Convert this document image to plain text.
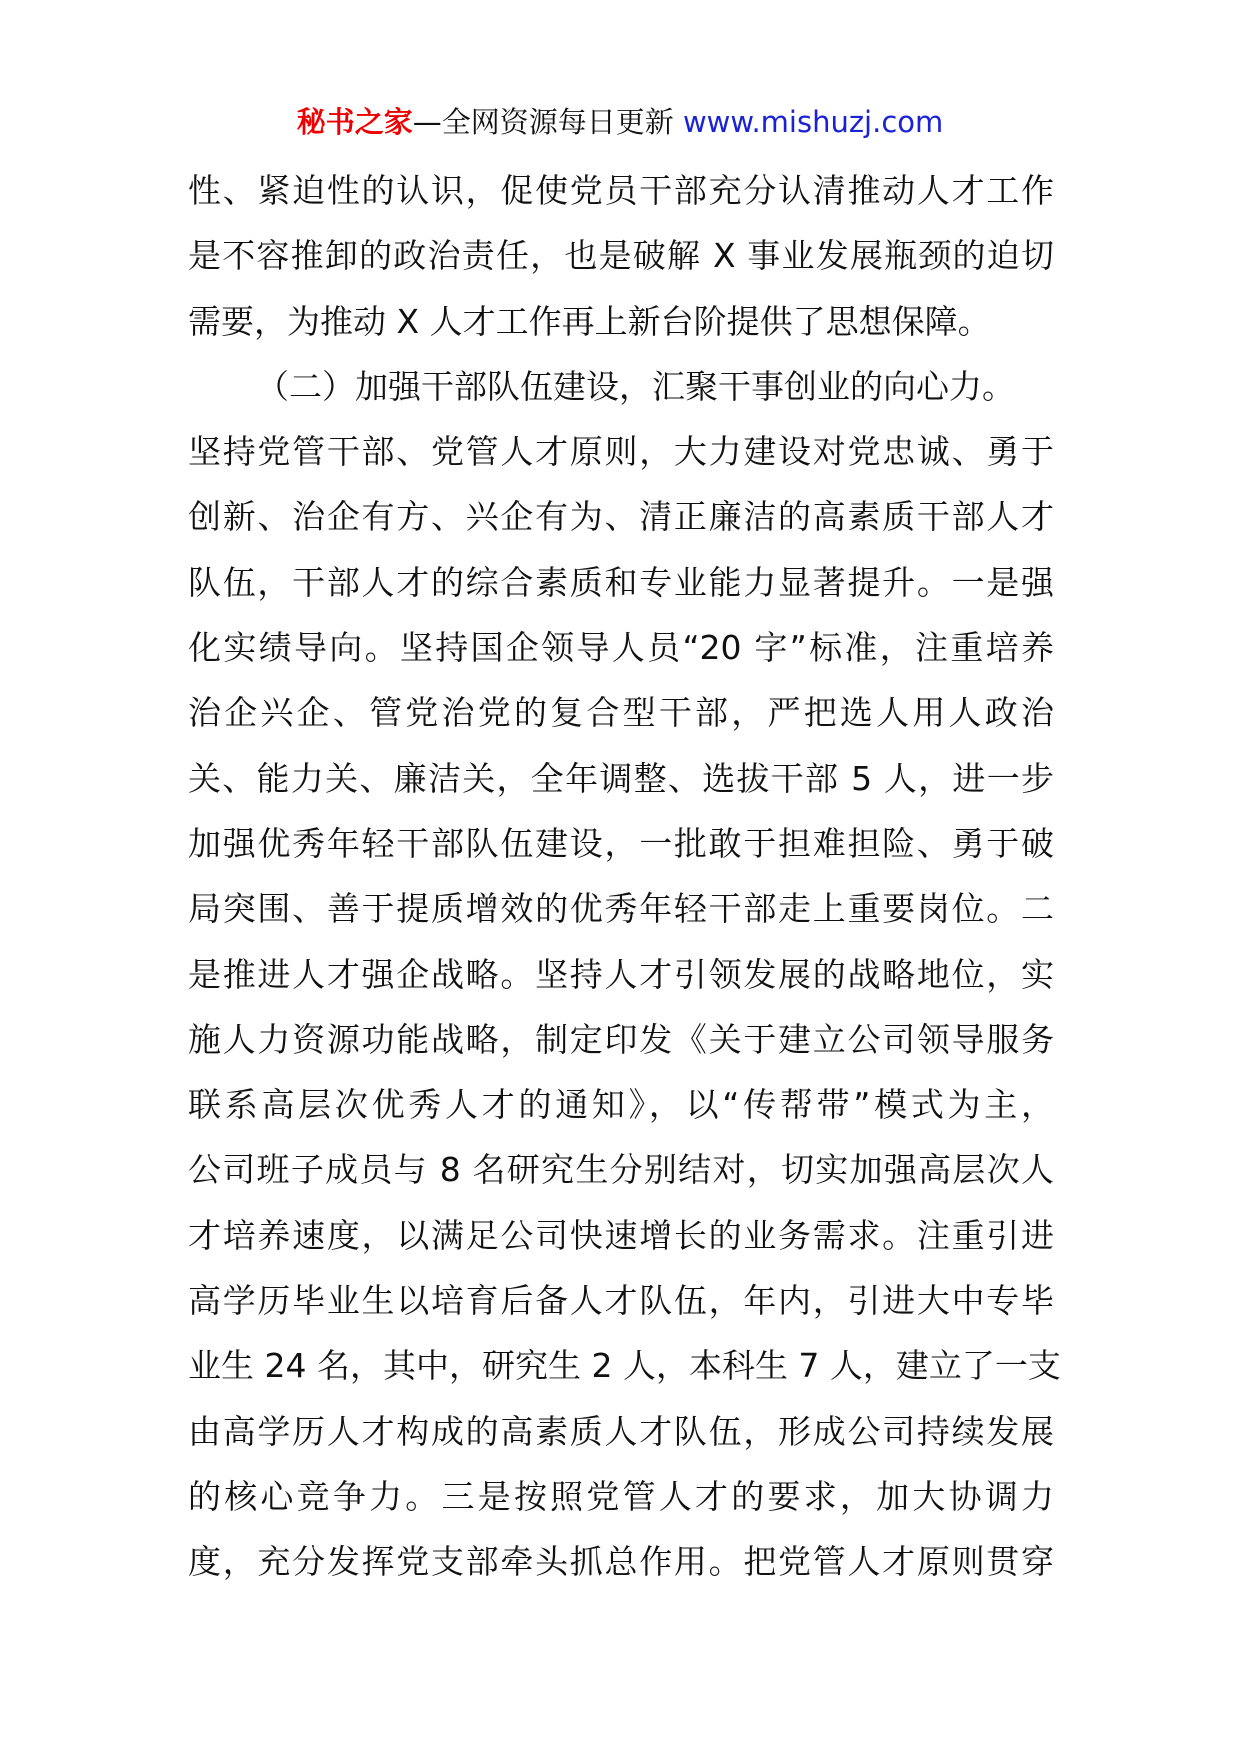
秘书之家—全网资源每日更新 www.mishuzj.com
性、紧迫性的认识，促使党员干部充分认清推动人才工作
是不容推卸的政治责任，也是破解 X 事业发展瓶颈的迫切
需要，为推动 X 人才工作再上新台阶提供了思想保障。
（二）加强干部队伍建设，汇聚干事创业的向心力。
坚持党管干部、党管人才原则，大力建设对党忠诚、勇于
创新、治企有方、兴企有为、清正廉洁的高素质干部人才
队伍，干部人才的综合素质和专业能力显著提升。一是强
化实绩导向。坚持国企领导人员“20 字”标准，注重培养
治企兴企、管党治党的复合型干部，严把选人用人政治
关、能力关、廉洁关，全年调整、选拔干部 5 人，进一步
加强优秀年轻干部队伍建设，一批敢于担难担险、勇于破
局突围、善于提质增效的优秀年轻干部走上重要岗位。二
是推进人才强企战略。坚持人才引领发展的战略地位，实
施人力资源功能战略，制定印发《关于建立公司领导服务
联系高层次优秀人才的通知》，以“传帮带”模式为主，
公司班子成员与 8 名研究生分别结对，切实加强高层次人
才培养速度，以满足公司快速增长的业务需求。注重引进
高学历毕业生以培育后备人才队伍，年内，引进大中专毕
业生 24 名，其中，研究生 2 人，本科生 7 人，建立了一支
由高学历人才构成的高素质人才队伍，形成公司持续发展
的核心竞争力。三是按照党管人才的要求，加大协调力
度，充分发挥党支部牵头抓总作用。把党管人才原则贯穿
